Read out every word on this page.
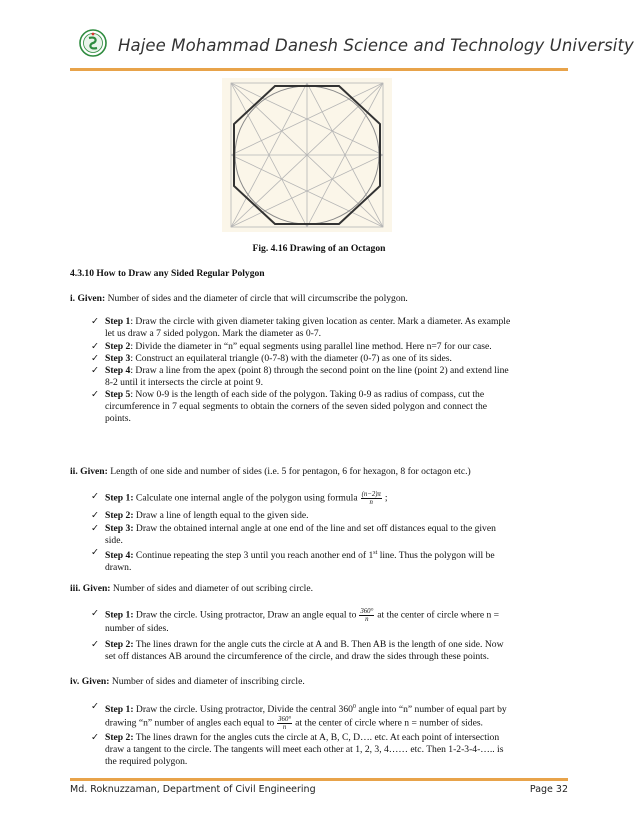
Hajee Mohammad Danesh Science and Technology University
Fig. 4.16 Drawing of an Octagon
4.3.10 How to Draw any Sided Regular Polygon
i. Given: Number of sides and the diameter of circle that will circumscribe the polygon.
✓ Step 1: Draw the circle with given diameter taking given location as center. Mark a diameter. As example
let us draw a 7 sided polygon. Mark the diameter as 0-7.
✓ Step 2: Divide the diameter in “n” equal segments using parallel line method. Here n=7 for our case.
✓ Step 3: Construct an equilateral triangle (0-7-8) with the diameter (0-7) as one of its sides.
✓ Step 4: Draw a line from the apex (point 8) through the second point on the line (point 2) and extend line
8-2 until it intersects the circle at point 9.
✓ Step 5: Now 0-9 is the length of each side of the polygon. Taking 0-9 as radius of compass, cut the
circumference in 7 equal segments to obtain the corners of the seven sided polygon and connect the
points.
ii. Given: Length of one side and number of sides (i.e. 5 for pentagon, 6 for hexagon, 8 for octagon etc.)
✓ Step 1: Calculate one internal angle of the polygon using formula $\frac{(n-2)\pi}{n}$ ;
✓ Step 2: Draw a line of length equal to the given side.
✓ Step 3: Draw the obtained internal angle at one end of the line and set off distances equal to the given
side.
✓ Step 4: Continue repeating the step 3 until you reach another end of 1st line. Thus the polygon will be
drawn.
iii. Given: Number of sides and diameter of out scribing circle.
✓ Step 1: Draw the circle. Using protractor, Draw an angle equal to $\frac{360^\circ}{n}$ at the center of circle where n =
number of sides.
✓ Step 2: The lines drawn for the angle cuts the circle at A and B. Then AB is the length of one side. Now
set off distances AB around the circumference of the circle, and draw the sides through these points.
iv. Given: Number of sides and diameter of inscribing circle.
✓ Step 1: Draw the circle. Using protractor, Divide the central $360^0$ angle into “n” number of equal part by
drawing “n” number of angles each equal to $\frac{360^\circ}{n}$ at the center of circle where n = number of sides.
✓ Step 2: The lines drawn for the angles cuts the circle at A, B, C, D…. etc. At each point of intersection
draw a tangent to the circle. The tangents will meet each other at 1, 2, 3, 4…… etc. Then 1-2-3-4-….. is
the required polygon.
Md. Roknuzzaman, Department of Civil Engineering	Page 32
